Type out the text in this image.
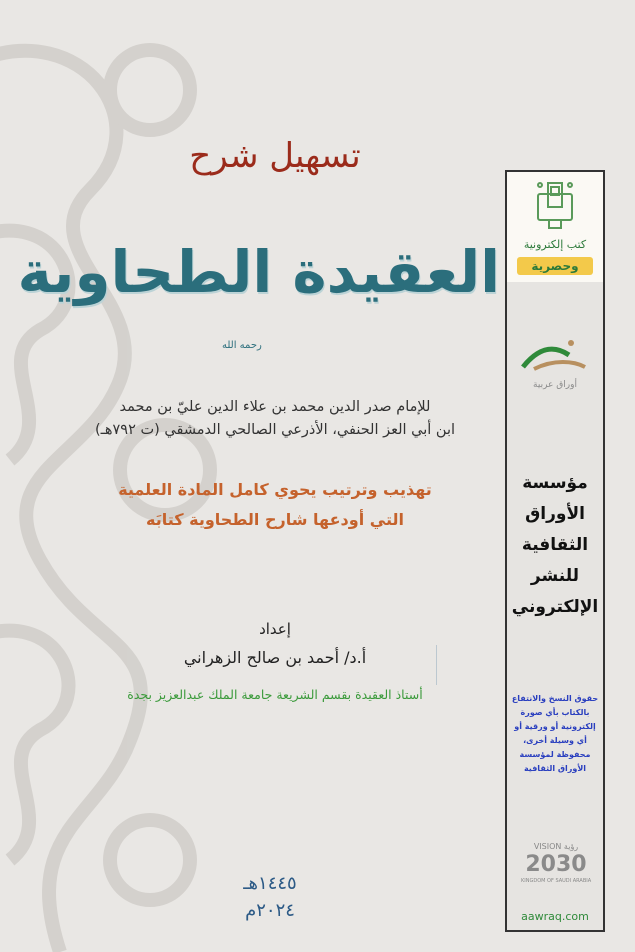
تسهيل شرح
العقيدة الطحاوية
رحمه الله
للإمام صدر الدين محمد بن علاء الدين عليّ بن محمد
ابن أبي العز الحنفي، الأذرعي الصالحي الدمشقي (ت ٧٩٢هـ)
تهذيب وترتيب يحوي كامل المادة العلمية
التي أودعها شارح الطحاوية كتابَه
إعداد
أ.د/ أحمد بن صالح الزهراني
أستاذ العقيدة بقسم الشريعة جامعة الملك عبدالعزيز بجدة
١٤٤٥هـ
٢٠٢٤م
كتب إلكترونية
وحصرية
أوراق عربية
مؤسسة
الأوراق
الثقافية
للنشر
الإلكتروني
حقوق النسخ والانتفاع بالكتاب بأي صورة إلكترونية أو ورقية أو أي وسيلة أخرى، محفوظة لمؤسسة الأوراق الثقافية
VISION رؤية
2030
KINGDOM OF SAUDI ARABIA
aawraq.com
